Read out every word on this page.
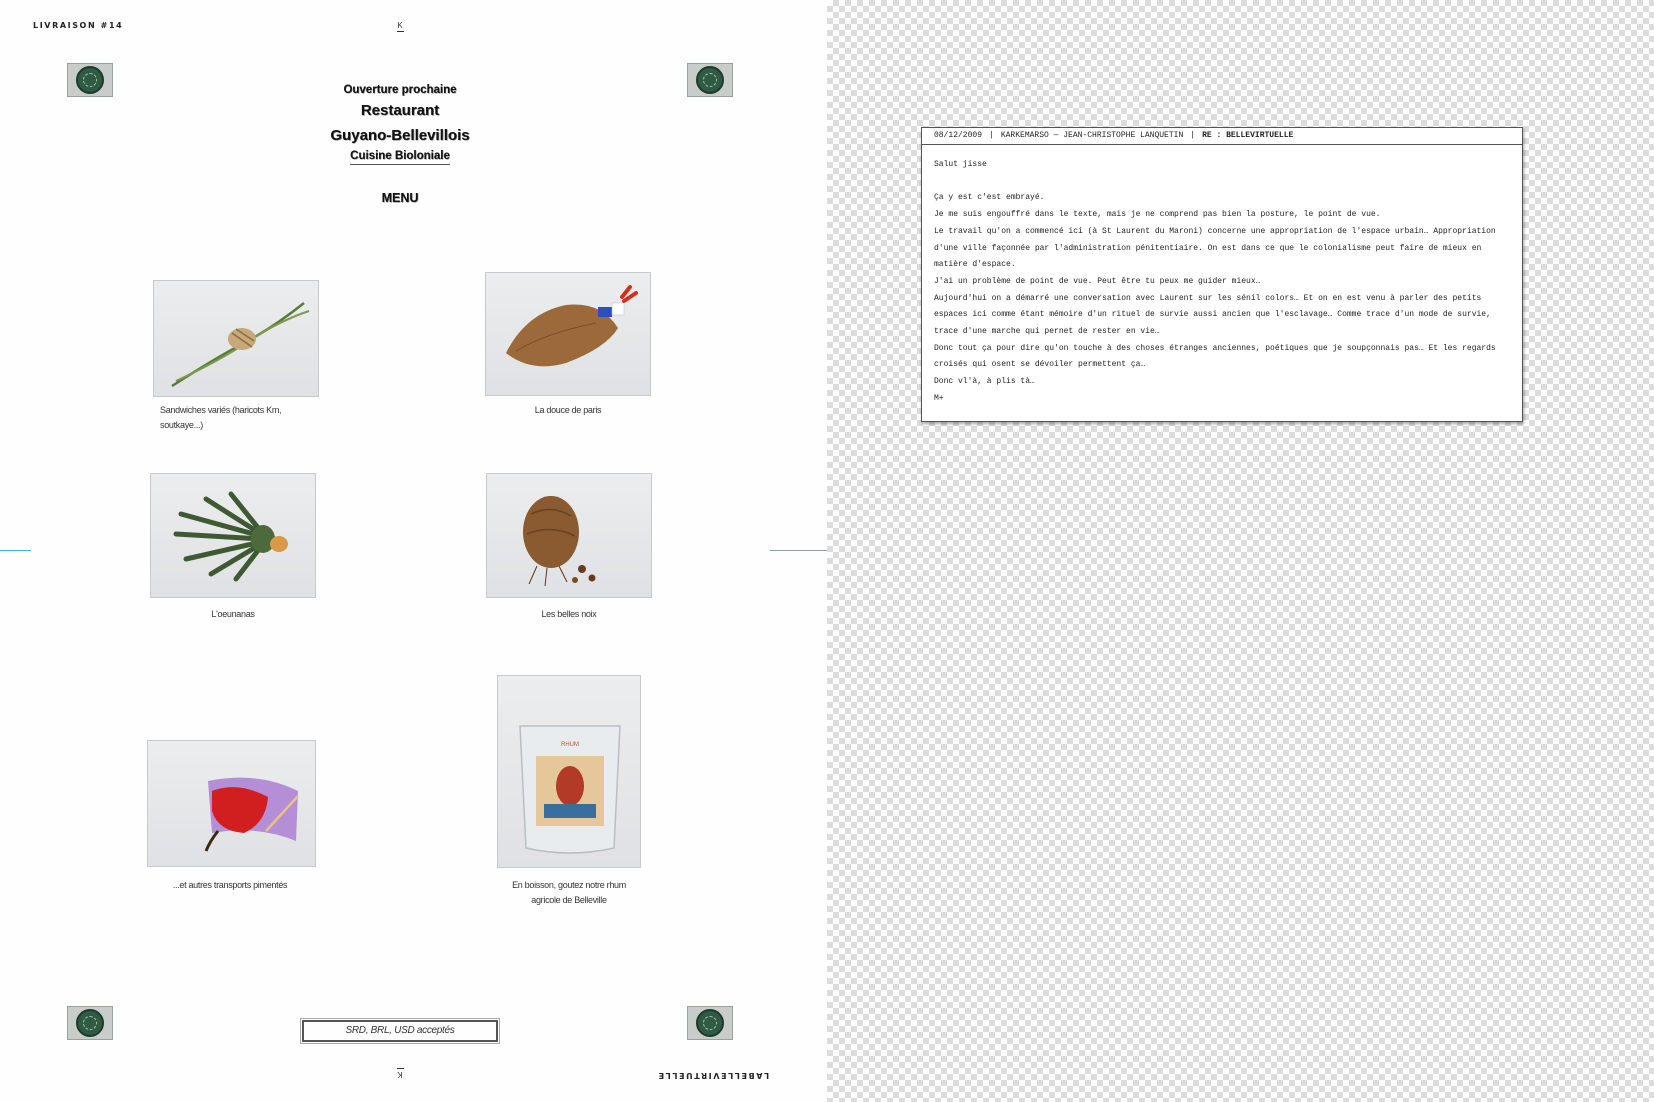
LIVRAISON #14	K
Ouverture prochaine
Restaurant
Guyano-Bellevillois
Cuisine Bioloniale
MENU
Sandwiches variés (haricots Km, soutkaye...)
La douce de paris
L'oeunanas	Les belles noix
...et autres transports pimentés
RHUM
En boisson, goutez notre rhum agricole de Belleville
SRD, BRL, USD acceptés
K	LABELLEVIRTUELLE
08/12/2009 | KARKEMARSO — JEAN-CHRISTOPHE LANQUETIN | RE : BELLEVIRTUELLE
Salut jisse
Ça y est c'est embrayé.
Je me suis engouffré dans le texte, mais je ne comprend pas bien la posture, le point de vue.
Le travail qu'on a commencé ici (à St Laurent du Maroni) concerne une appropriation de l'espace urbain… Appropriation
d'une ville façonnée par l'administration pénitentiaire. On est dans ce que le colonialisme peut faire de mieux en
matière d'espace.
J'ai un problème de point de vue. Peut être tu peux me guider mieux…
Aujourd'hui on a démarré une conversation avec Laurent sur les sénil colors… Et on en est venu à parler des petits
espaces ici comme étant mémoire d'un rituel de survie aussi ancien que l'esclavage… Comme trace d'un mode de survie,
trace d'une marche qui pernet de rester en vie…
Donc tout ça pour dire qu'on touche à des choses étranges anciennes, poétiques que je soupçonnais pas… Et les regards
croisés qui osent se dévoiler permettent ça…
Donc vl'à, à plis tà…
M+
